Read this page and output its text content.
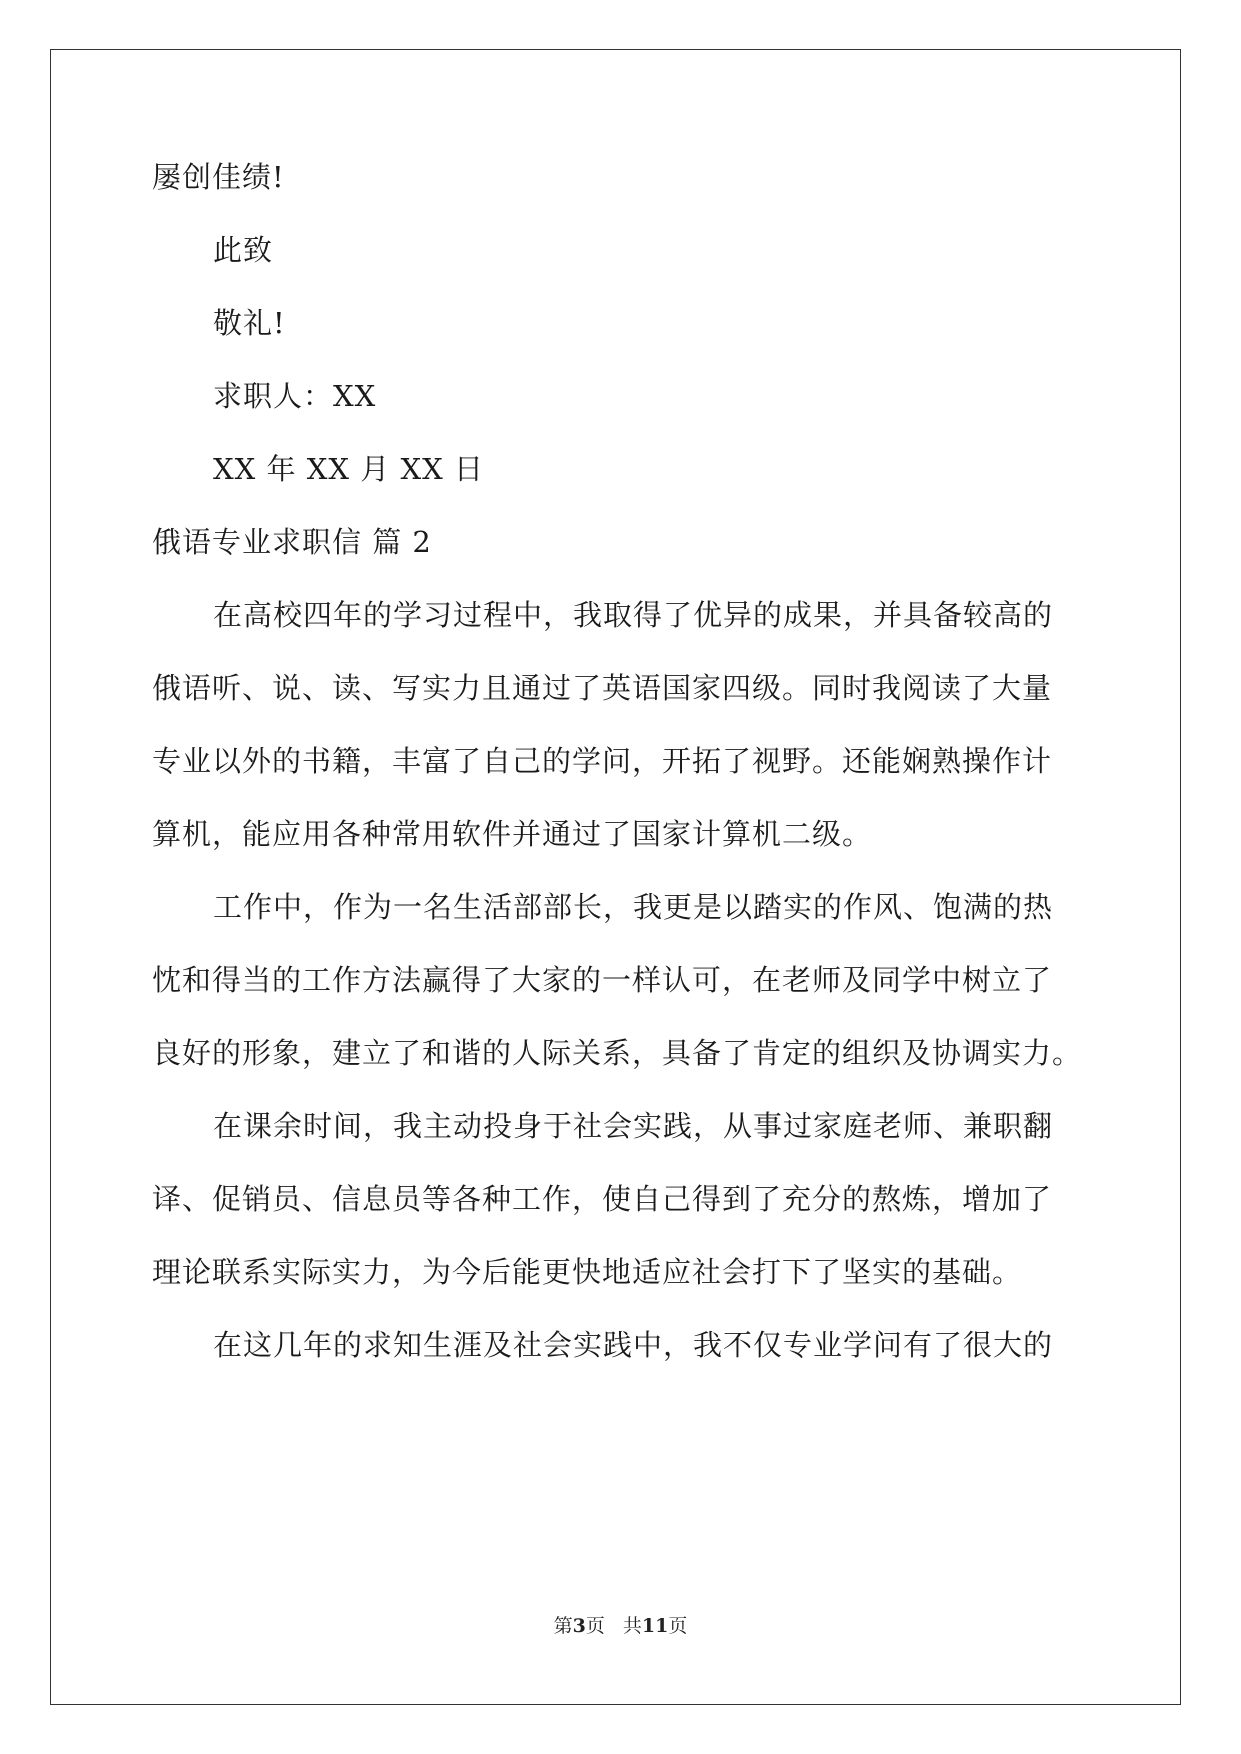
屡创佳绩!
此致
敬礼!
求职人：XX
XX 年 XX 月 XX 日
俄语专业求职信 篇 2
在高校四年的学习过程中，我取得了优异的成果，并具备较高的
俄语听、说、读、写实力且通过了英语国家四级。同时我阅读了大量
专业以外的书籍，丰富了自己的学问，开拓了视野。还能娴熟操作计
算机，能应用各种常用软件并通过了国家计算机二级。
工作中，作为一名生活部部长，我更是以踏实的作风、饱满的热
忱和得当的工作方法赢得了大家的一样认可，在老师及同学中树立了
良好的形象，建立了和谐的人际关系，具备了肯定的组织及协调实力。
在课余时间，我主动投身于社会实践，从事过家庭老师、兼职翻
译、促销员、信息员等各种工作，使自己得到了充分的熬炼，增加了
理论联系实际实力，为今后能更快地适应社会打下了坚实的基础。
在这几年的求知生涯及社会实践中，我不仅专业学问有了很大的
第3页 共11页
